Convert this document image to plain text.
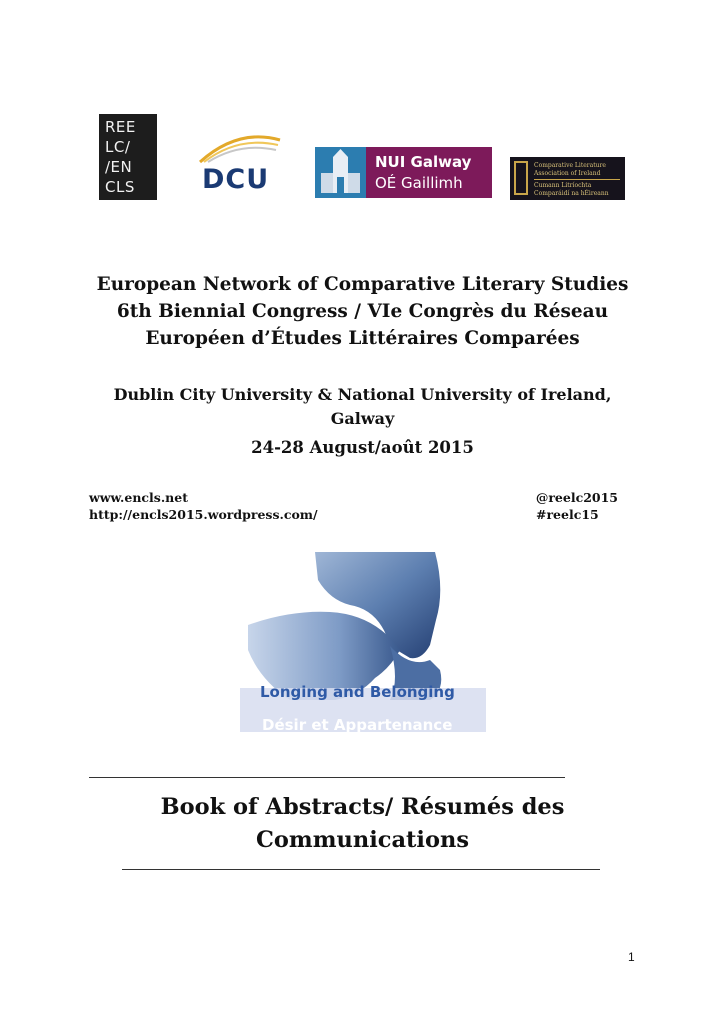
REE
LC/
/EN
CLS	DCU
NUI Galway
OÉ Gaillimh
Comparative Literature
Association of Ireland
Cumann Litríochta
Comparáidí na hÉireann
European Network of Comparative Literary Studies
6th Biennial Congress / VIe Congrès du Réseau
Européen d’Études Littéraires Comparées
Dublin City University & National University of Ireland,
Galway
24-28 August/août 2015
www.encls.net
http://encls2015.wordpress.com/
@reelc2015
#reelc15
Longing and Belonging
Désir et Appartenance
Book of Abstracts/ Résumés des
Communications
1
